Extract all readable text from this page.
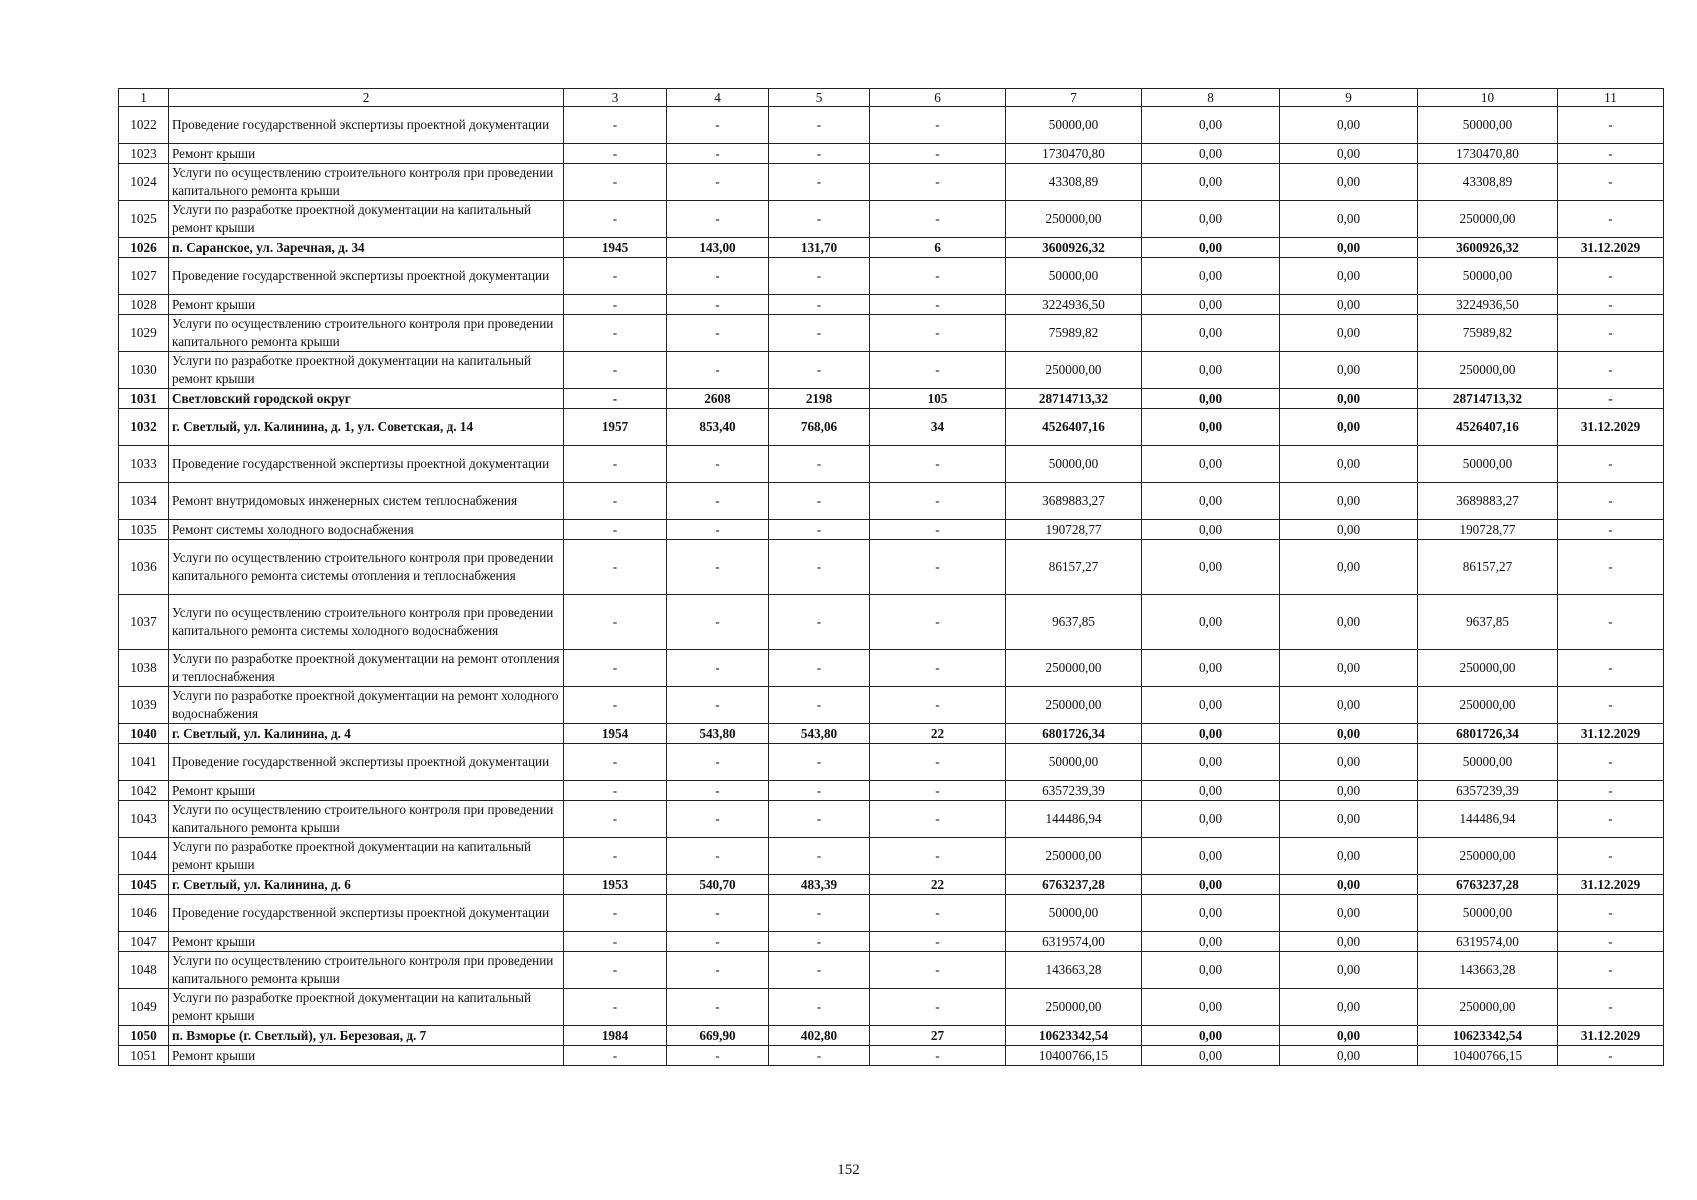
1	2	3	4	5	6	7	8	9	10	11
1022	Проведение государственной экспертизы проектной документации	-	-	-	-	50000,00	0,00	0,00	50000,00	-
1023	Ремонт крыши	-	-	-	-	1730470,80	0,00	0,00	1730470,80	-
1024	Услуги по осуществлению строительного контроля при проведении капитального ремонта крыши	-	-	-	-	43308,89	0,00	0,00	43308,89	-
1025	Услуги по разработке проектной документации на капитальный ремонт крыши	-	-	-	-	250000,00	0,00	0,00	250000,00	-
1026	п. Саранское, ул. Заречная, д. 34	1945	143,00	131,70	6	3600926,32	0,00	0,00	3600926,32	31.12.2029
1027	Проведение государственной экспертизы проектной документации	-	-	-	-	50000,00	0,00	0,00	50000,00	-
1028	Ремонт крыши	-	-	-	-	3224936,50	0,00	0,00	3224936,50	-
1029	Услуги по осуществлению строительного контроля при проведении капитального ремонта крыши	-	-	-	-	75989,82	0,00	0,00	75989,82	-
1030	Услуги по разработке проектной документации на капитальный ремонт крыши	-	-	-	-	250000,00	0,00	0,00	250000,00	-
1031	Светловский городской округ	-	2608	2198	105	28714713,32	0,00	0,00	28714713,32	-
1032	г. Светлый, ул. Калинина, д. 1, ул. Советская, д. 14	1957	853,40	768,06	34	4526407,16	0,00	0,00	4526407,16	31.12.2029
1033	Проведение государственной экспертизы проектной документации	-	-	-	-	50000,00	0,00	0,00	50000,00	-
1034	Ремонт внутридомовых инженерных систем теплоснабжения	-	-	-	-	3689883,27	0,00	0,00	3689883,27	-
1035	Ремонт системы холодного водоснабжения	-	-	-	-	190728,77	0,00	0,00	190728,77	-
1036	Услуги по осуществлению строительного контроля при проведении капитального ремонта системы отопления и теплоснабжения	-	-	-	-	86157,27	0,00	0,00	86157,27	-
1037	Услуги по осуществлению строительного контроля при проведении капитального ремонта системы холодного водоснабжения	-	-	-	-	9637,85	0,00	0,00	9637,85	-
1038	Услуги по разработке проектной документации на ремонт отопления и теплоснабжения	-	-	-	-	250000,00	0,00	0,00	250000,00	-
1039	Услуги по разработке проектной документации на ремонт холодного водоснабжения	-	-	-	-	250000,00	0,00	0,00	250000,00	-
1040	г. Светлый, ул. Калинина, д. 4	1954	543,80	543,80	22	6801726,34	0,00	0,00	6801726,34	31.12.2029
1041	Проведение государственной экспертизы проектной документации	-	-	-	-	50000,00	0,00	0,00	50000,00	-
1042	Ремонт крыши	-	-	-	-	6357239,39	0,00	0,00	6357239,39	-
1043	Услуги по осуществлению строительного контроля при проведении капитального ремонта крыши	-	-	-	-	144486,94	0,00	0,00	144486,94	-
1044	Услуги по разработке проектной документации на капитальный ремонт крыши	-	-	-	-	250000,00	0,00	0,00	250000,00	-
1045	г. Светлый, ул. Калинина, д. 6	1953	540,70	483,39	22	6763237,28	0,00	0,00	6763237,28	31.12.2029
1046	Проведение государственной экспертизы проектной документации	-	-	-	-	50000,00	0,00	0,00	50000,00	-
1047	Ремонт крыши	-	-	-	-	6319574,00	0,00	0,00	6319574,00	-
1048	Услуги по осуществлению строительного контроля при проведении капитального ремонта крыши	-	-	-	-	143663,28	0,00	0,00	143663,28	-
1049	Услуги по разработке проектной документации на капитальный ремонт крыши	-	-	-	-	250000,00	0,00	0,00	250000,00	-
1050	п. Взморье (г. Светлый), ул. Березовая, д. 7	1984	669,90	402,80	27	10623342,54	0,00	0,00	10623342,54	31.12.2029
1051	Ремонт крыши	-	-	-	-	10400766,15	0,00	0,00	10400766,15	-
152
